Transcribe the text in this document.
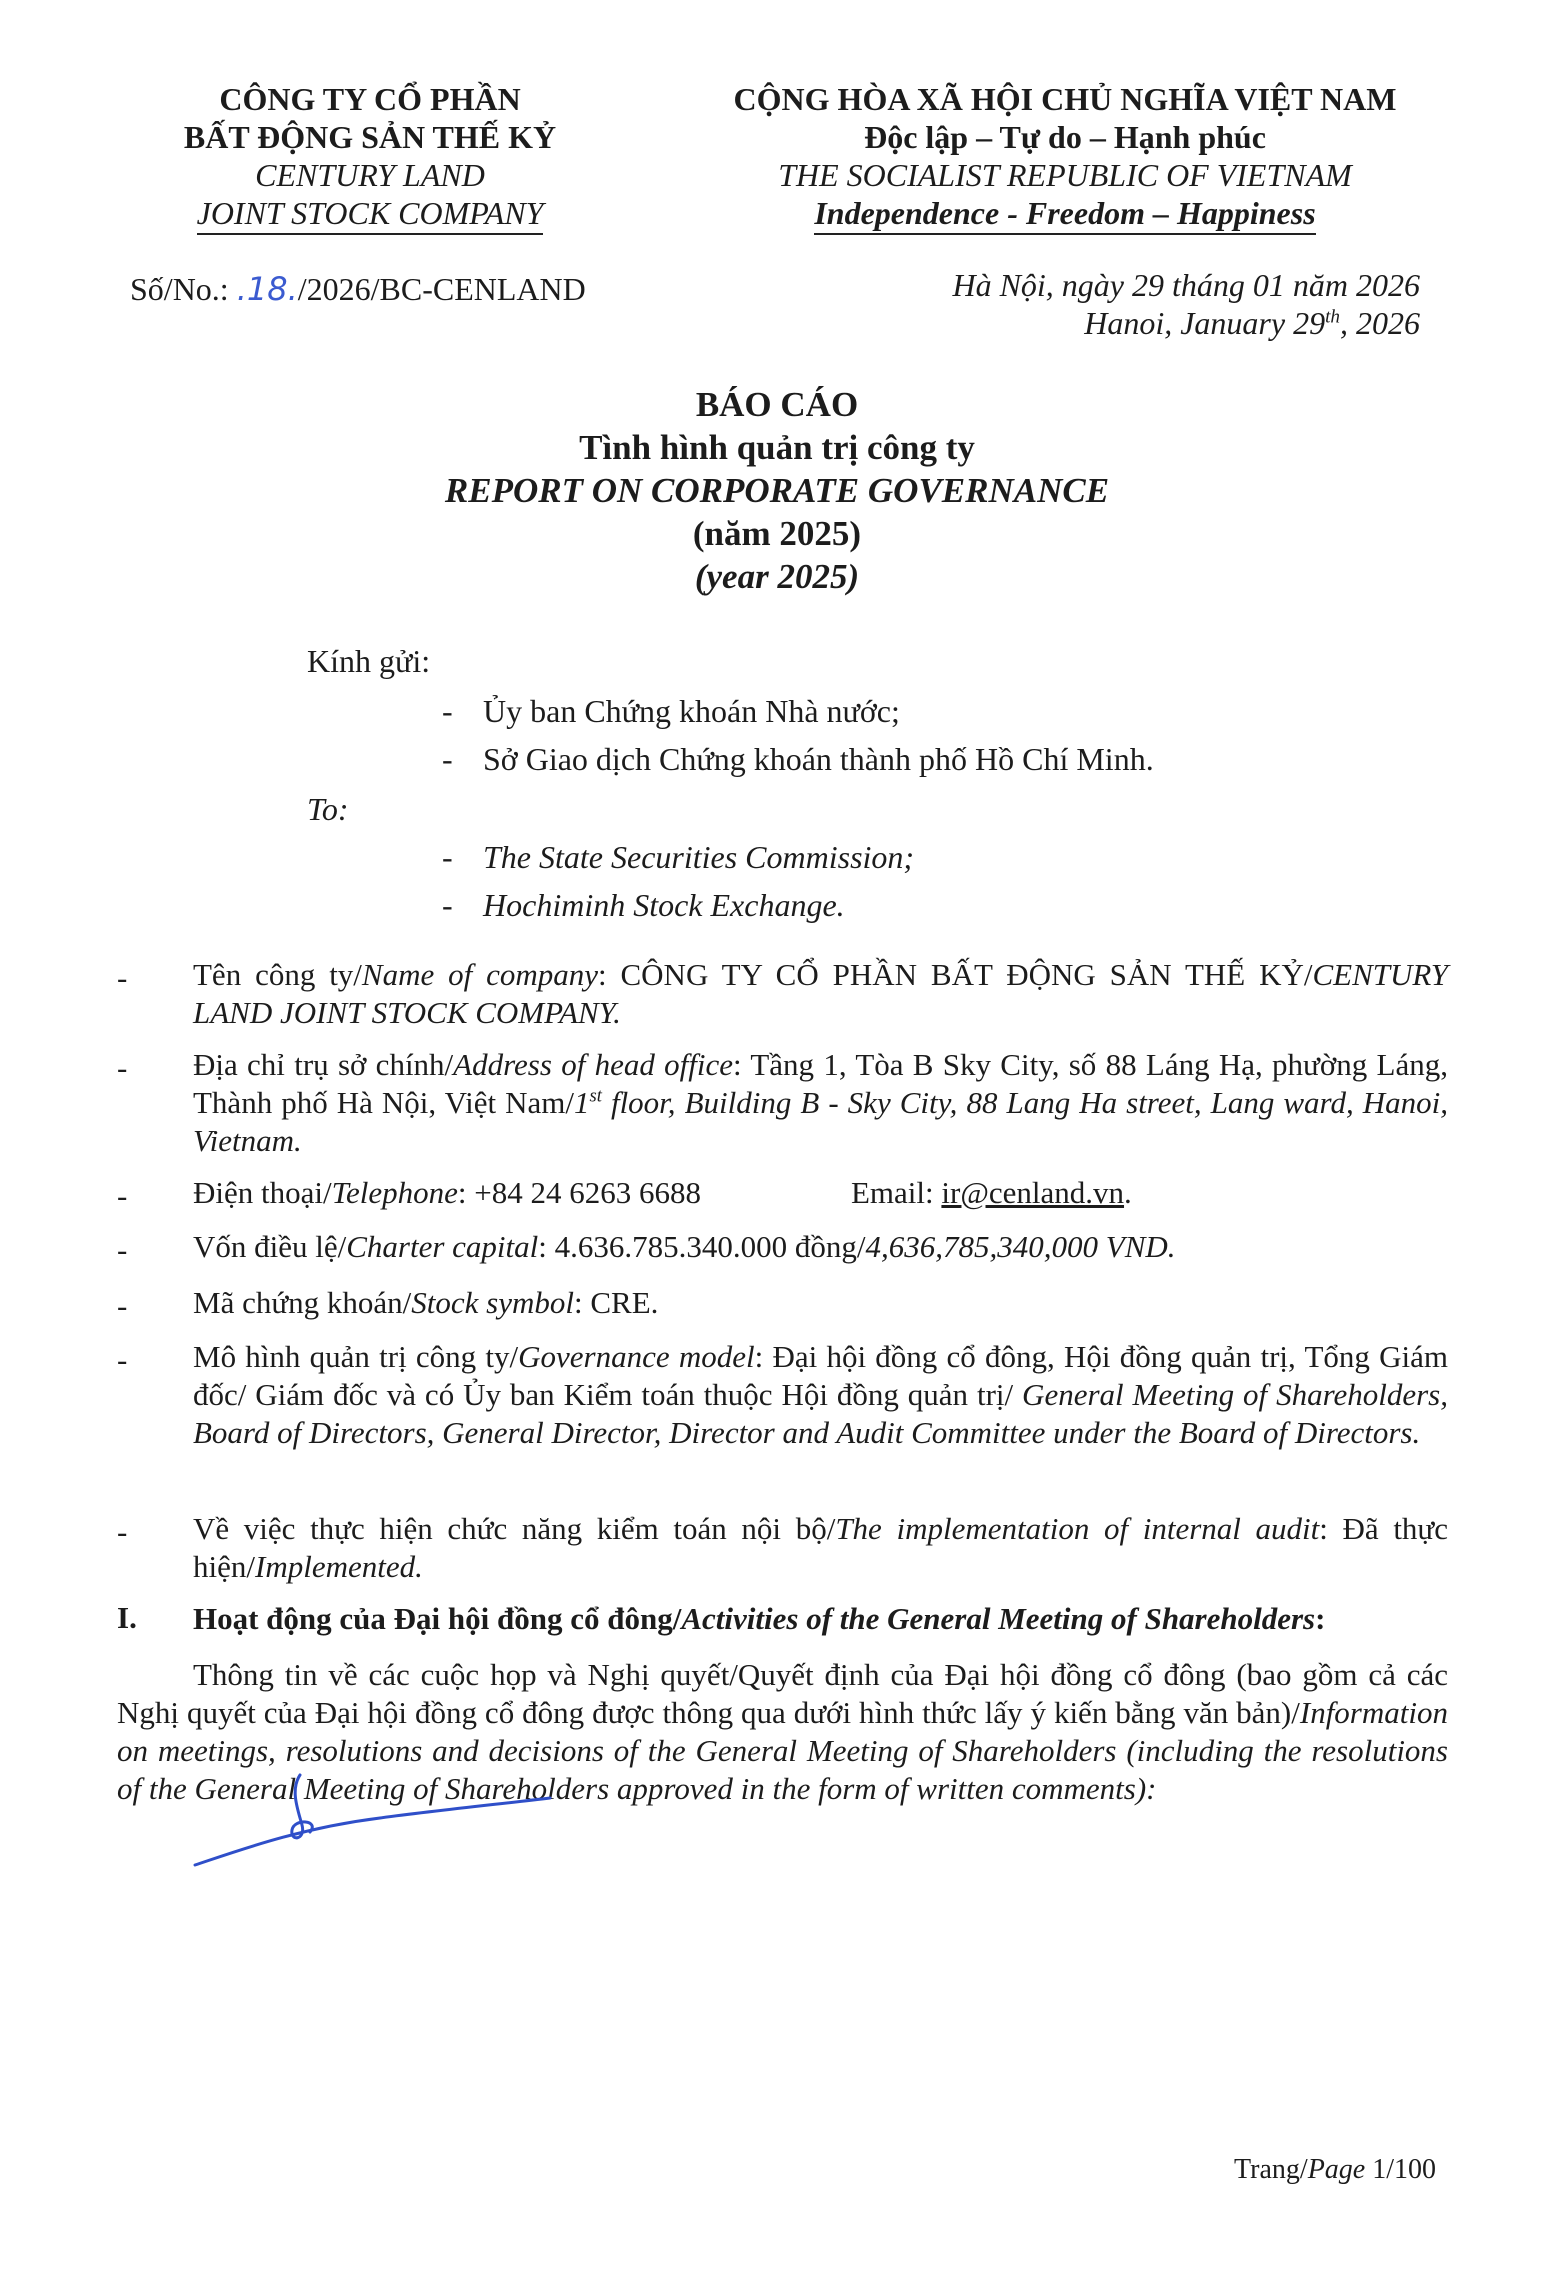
CÔNG TY CỔ PHẦN
BẤT ĐỘNG SẢN THẾ KỶ
CENTURY LAND
JOINT STOCK COMPANY
CỘNG HÒA XÃ HỘI CHỦ NGHĨA VIỆT NAM
Độc lập – Tự do – Hạnh phúc
THE SOCIALIST REPUBLIC OF VIETNAM
Independence - Freedom – Happiness
Số/No.: .18./2026/BC-CENLAND	Hà Nội, ngày 29 tháng 01 năm 2026
Hanoi, January 29th, 2026
BÁO CÁO
Tình hình quản trị công ty
REPORT ON CORPORATE GOVERNANCE
(năm 2025)
(year 2025)
Kính gửi:
- Ủy ban Chứng khoán Nhà nước;
- Sở Giao dịch Chứng khoán thành phố Hồ Chí Minh.
To:
- The State Securities Commission;
- Hochiminh Stock Exchange.
- Tên công ty/Name of company: CÔNG TY CỔ PHẦN BẤT ĐỘNG SẢN THẾ KỶ/CENTURY LAND JOINT STOCK COMPANY.
- Địa chỉ trụ sở chính/Address of head office: Tầng 1, Tòa B Sky City, số 88 Láng Hạ, phường Láng, Thành phố Hà Nội, Việt Nam/1st floor, Building B - Sky City, 88 Lang Ha street, Lang ward, Hanoi, Vietnam.
- Điện thoại/Telephone: +84 24 6263 6688	Email: ir@cenland.vn.
- Vốn điều lệ/Charter capital: 4.636.785.340.000 đồng/4,636,785,340,000 VND.
- Mã chứng khoán/Stock symbol: CRE.
- Mô hình quản trị công ty/Governance model: Đại hội đồng cổ đông, Hội đồng quản trị, Tổng Giám đốc/ Giám đốc và có Ủy ban Kiểm toán thuộc Hội đồng quản trị/ General Meeting of Shareholders, Board of Directors, General Director, Director and Audit Committee under the Board of Directors.
- Về việc thực hiện chức năng kiểm toán nội bộ/The implementation of internal audit: Đã thực hiện/Implemented.
I. Hoạt động của Đại hội đồng cổ đông/Activities of the General Meeting of Shareholders:
Thông tin về các cuộc họp và Nghị quyết/Quyết định của Đại hội đồng cổ đông (bao gồm cả các Nghị quyết của Đại hội đồng cổ đông được thông qua dưới hình thức lấy ý kiến bằng văn bản)/Information on meetings, resolutions and decisions of the General Meeting of Shareholders (including the resolutions of the General Meeting of Shareholders approved in the form of written comments):
Trang/Page 1/100
